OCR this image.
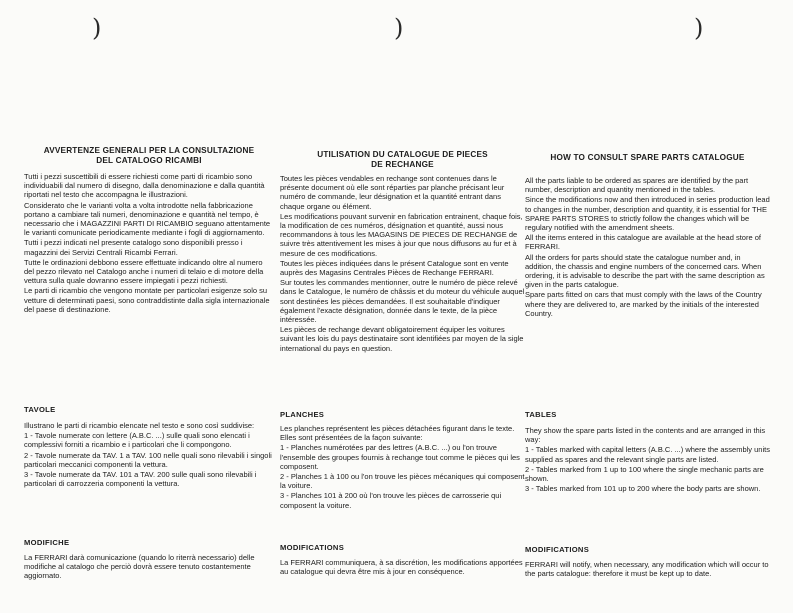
)	)	)
AVVERTENZE GENERALI PER LA CONSULTAZIONE
DEL CATALOGO RICAMBI

Tutti i pezzi suscettibili di essere richiesti come parti di ricambio sono individuabili dal numero di disegno, dalla denominazione e dalla quantità riportati nel testo che accompagna le illustrazioni.

Considerato che le varianti volta a volta introdotte nella fabbricazione portano a cambiare tali numeri, denominazione e quantità nel tempo, è necessario che i MAGAZZINI PARTI DI RICAMBIO seguano attentamente le varianti comunicate periodicamente mediante i fogli di aggiornamento.

Tutti i pezzi indicati nel presente catalogo sono disponibili presso i magazzini dei Servizi Centrali Ricambi Ferrari.

Tutte le ordinazioni debbono essere effettuate indicando oltre al numero del pezzo rilevato nel Catalogo anche i numeri di telaio e di motore della vettura sulla quale dovranno essere impiegati i pezzi richiesti.

Le parti di ricambio che vengono montate per particolari esigenze solo su vetture di determinati paesi, sono contraddistinte dalla sigla internazionale del paese di destinazione.

TAVOLE

Illustrano le parti di ricambio elencate nel testo e sono così suddivise:

1 - Tavole numerate con lettere (A.B.C. ...) sulle quali sono elencati i complessivi forniti a ricambio e i particolari che li compongono.

2 - Tavole numerate da TAV. 1 a TAV. 100 nelle quali sono rilevabili i singoli particolari meccanici componenti la vettura.

3 - Tavole numerate da TAV. 101 a TAV. 200 sulle quali sono rilevabili i particolari di carrozzeria componenti la vettura.

MODIFICHE

La FERRARI darà comunicazione (quando lo riterrà necessario) delle modifiche al catalogo che perciò dovrà essere tenuto costantemente aggiornato.

UTILISATION DU CATALOGUE DE PIECES
DE RECHANGE

Toutes les pièces vendables en rechange sont contenues dans le présente document où elle sont réparties par planche précisant leur numéro de commande, leur désignation et la quantité entrant dans chaque organe ou élément.

Les modifications pouvant survenir en fabrication entrainent, chaque fois, la modification de ces numéros, désignation et quantité, aussi nous recommandons à tous les MAGASINS DE PIECES DE RECHANGE de suivre très attentivement les mises à jour que nous diffusons au fur et à mesure de ces modifications.

Toutes les pièces indiquées dans le présent Catalogue sont en vente auprès des Magasins Centrales Pièces de Rechange FERRARI.

Sur toutes les commandes mentionner, outre le numéro de pièce relevé dans le Catalogue, le numéro de châssis et du moteur du véhicule auquel sont destinées les pièces demandées. Il est souhaitable d'indiquer également l'exacte désignation, donnée dans le texte, de la pièce intéressée.

Les pièces de rechange devant obligatoirement équiper les voitures suivant les lois du pays destinataire sont identifiées par moyen de la sigle international du pays en question.

PLANCHES

Les planches représentent les pièces détachées figurant dans le texte. Elles sont présentées de la façon suivante:

1 - Planches numérotées par des lettres (A.B.C. ...) ou l'on trouve l'ensemble des groupes fournis à rechange tout comme le pièces qui les composent.

2 - Planches 1 à 100 ou l'on trouve les pièces mécaniques qui composent la voiture.

3 - Planches 101 à 200 où l'on trouve les pièces de carrosserie qui composent la voiture.

MODIFICATIONS

La FERRARI communiquera, à sa discrétion, les modifications apportées au catalogue qui devra être mis à jour en conséquence.

HOW TO CONSULT SPARE PARTS CATALOGUE

All the parts liable to be ordered as spares are identified by the part number, description and quantity mentioned in the tables.

Since the modifications now and then introduced in series production lead to changes in the number, description and quantity, it is essential for THE SPARE PARTS STORES to strictly follow the changes which will be regulary notified with the amendment sheets.

All the items entered in this catalogue are available at the head store of FERRARI.

All the orders for parts should state the catalogue number and, in addition, the chassis and engine numbers of the concerned cars. When ordering, it is advisable to describe the part with the same description as given in the parts catalogue.

Spare parts fitted on cars that must comply with the laws of the Country where they are delivered to, are marked by the initials of the interested Country.

TABLES

They show the spare parts listed in the contents and are arranged in this way:

1 - Tables marked with capital letters (A.B.C. ...) where the assembly units supplied as spares and the relevant single parts are listed.

2 - Tables marked from 1 up to 100 where the single mechanic parts are shown.

3 - Tables marked from 101 up to 200 where the body parts are shown.

MODIFICATIONS

FERRARI will notify, when necessary, any modification which will occur to the parts catalogue: therefore it must be kept up to date.
